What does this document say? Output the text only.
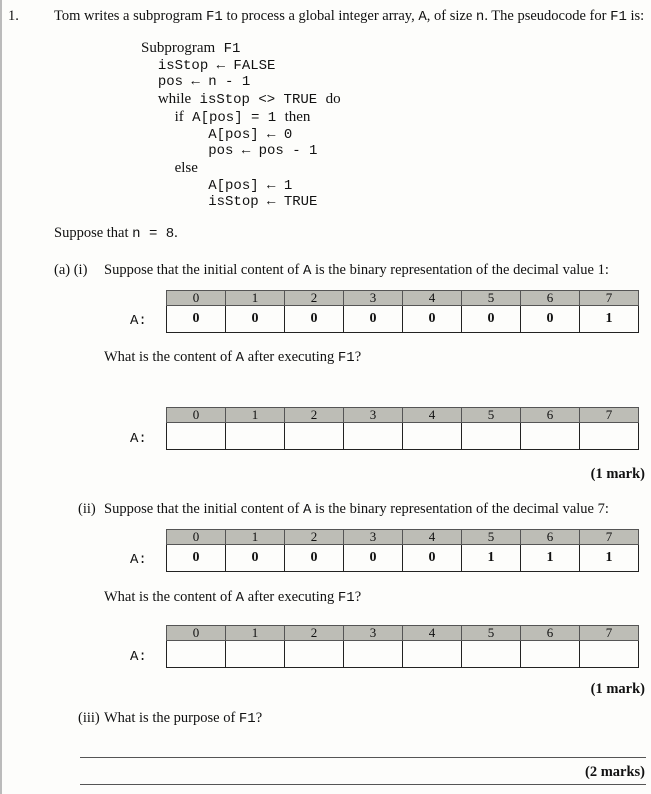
1. Tom writes a subprogram F1 to process a global integer array, A, of size n. The pseudocode for F1 is:
Subprogram F1
isStop ← FALSE
pos ← n - 1
while isStop <> TRUE do
if A[pos] = 1 then
A[pos] ← 0
pos ← pos - 1
else
A[pos] ← 1
isStop ← TRUE
Suppose that n = 8.
(a) (i) Suppose that the initial content of A is the binary representation of the decimal value 1:
A:
0	1	2	3	4	5	6	7
0	0	0	0	0	0	0	1
What is the content of A after executing F1?
A:
0	1	2	3	4	5	6	7

(1 mark)
(ii) Suppose that the initial content of A is the binary representation of the decimal value 7:
A:
0	1	2	3	4	5	6	7
0	0	0	0	0	1	1	1
What is the content of A after executing F1?
A:
0	1	2	3	4	5	6	7

(1 mark)
(iii) What is the purpose of F1?
(2 marks)
